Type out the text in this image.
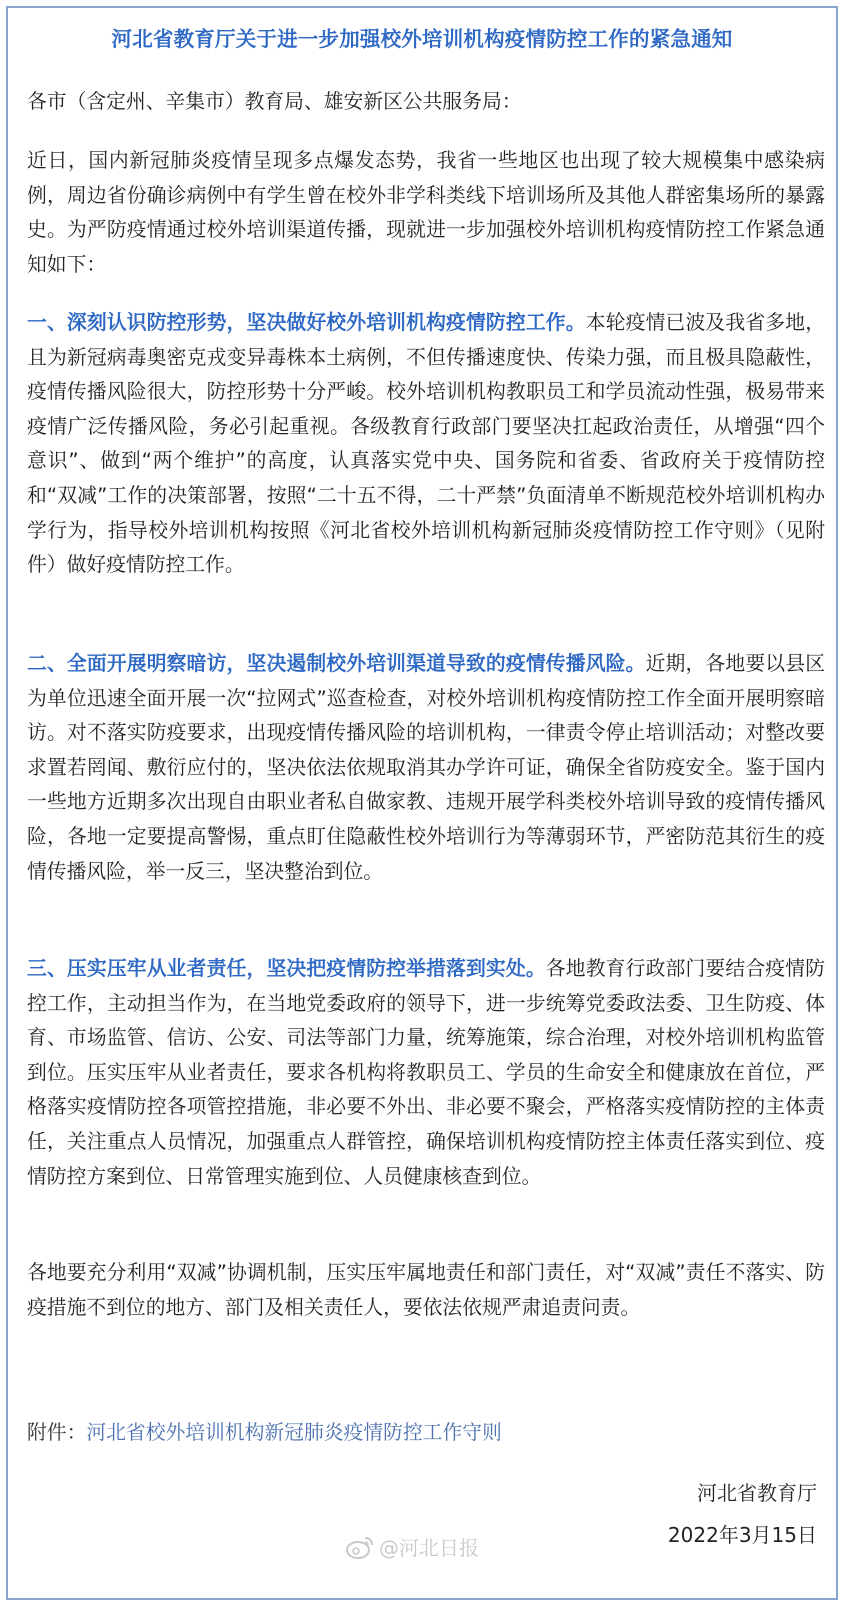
河北省教育厅关于进一步加强校外培训机构疫情防控工作的紧急通知

各市（含定州、辛集市）教育局、雄安新区公共服务局：

近日，国内新冠肺炎疫情呈现多点爆发态势，我省一些地区也出现了较大规模集中感染病例，周边省份确诊病例中有学生曾在校外非学科类线下培训场所及其他人群密集场所的暴露史。为严防疫情通过校外培训渠道传播，现就进一步加强校外培训机构疫情防控工作紧急通知如下：

一、深刻认识防控形势，坚决做好校外培训机构疫情防控工作。本轮疫情已波及我省多地，且为新冠病毒奥密克戎变异毒株本土病例，不但传播速度快、传染力强，而且极具隐蔽性，疫情传播风险很大，防控形势十分严峻。校外培训机构教职员工和学员流动性强，极易带来疫情广泛传播风险，务必引起重视。各级教育行政部门要坚决扛起政治责任，从增强“四个意识”、做到“两个维护”的高度，认真落实党中央、国务院和省委、省政府关于疫情防控和“双减”工作的决策部署，按照“二十五不得，二十严禁”负面清单不断规范校外培训机构办学行为，指导校外培训机构按照《河北省校外培训机构新冠肺炎疫情防控工作守则》（见附件）做好疫情防控工作。

二、全面开展明察暗访，坚决遏制校外培训渠道导致的疫情传播风险。近期，各地要以县区为单位迅速全面开展一次“拉网式”巡查检查，对校外培训机构疫情防控工作全面开展明察暗访。对不落实防疫要求，出现疫情传播风险的培训机构，一律责令停止培训活动；对整改要求置若罔闻、敷衍应付的，坚决依法依规取消其办学许可证，确保全省防疫安全。鉴于国内一些地方近期多次出现自由职业者私自做家教、违规开展学科类校外培训导致的疫情传播风险，各地一定要提高警惕，重点盯住隐蔽性校外培训行为等薄弱环节，严密防范其衍生的疫情传播风险，举一反三，坚决整治到位。

三、压实压牢从业者责任，坚决把疫情防控举措落到实处。各地教育行政部门要结合疫情防控工作，主动担当作为，在当地党委政府的领导下，进一步统筹党委政法委、卫生防疫、体育、市场监管、信访、公安、司法等部门力量，统筹施策，综合治理，对校外培训机构监管到位。压实压牢从业者责任，要求各机构将教职员工、学员的生命安全和健康放在首位，严格落实疫情防控各项管控措施，非必要不外出、非必要不聚会，严格落实疫情防控的主体责任，关注重点人员情况，加强重点人群管控，确保培训机构疫情防控主体责任落实到位、疫情防控方案到位、日常管理实施到位、人员健康核查到位。

各地要充分利用“双减”协调机制，压实压牢属地责任和部门责任，对“双减”责任不落实、防疫措施不到位的地方、部门及相关责任人，要依法依规严肃追责问责。

附件：河北省校外培训机构新冠肺炎疫情防控工作守则

河北省教育厅
2022年3月15日
@河北日报
